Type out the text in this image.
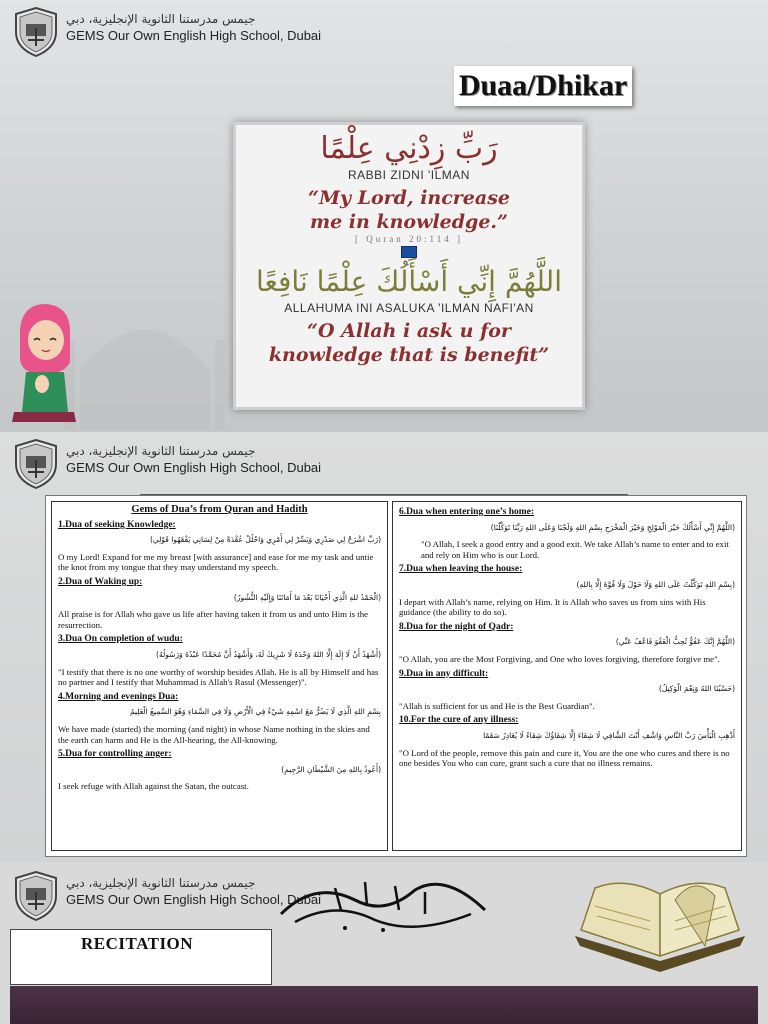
جيمس مدرستنا الثانوية الإنجليزية، دبي
GEMS Our Own English High School, Dubai
Duaa/Dhikar
رَبِّ زِدْنِي عِلْمًا
RABBI ZIDNI 'ILMAN
“My Lord, increase
me in knowledge.”
[ Quran 20:114 ]
اللَّهُمَّ إِنِّي أَسْأَلُكَ عِلْمًا نَافِعًا
ALLAHUMA INI ASALUKA 'ILMAN NAFI'AN
“O Allah i ask u for
knowledge that is benefit”
جيمس مدرستنا الثانوية الإنجليزية، دبي
GEMS Our Own English High School, Dubai
Gems of Dua’s from Quran and Hadith
1.Dua of seeking Knowledge:
(رَبِّ اشْرَحْ لِي صَدْرِي وَيَسِّرْ لِي أَمْرِي وَاحْلُلْ عُقْدَةً مِنْ لِسَانِي يَفْقَهُوا قَوْلِي)
O my Lord! Expand for me my breast [with assurance] and ease for me my task and untie the knot from my tongue that they may understand my speech.
2.Dua of Waking up:
(الْحَمْدُ للهِ الَّذِي أَحْيَانَا بَعْدَ مَا أَمَاتَنَا وَإِلَيْهِ النُّشُورُ)
All praise is for Allah who gave us life after having taken it from us and unto Him is the resurrection.
3.Dua On completion of wudu:
(أَشْهَدُ أَنْ لَا إِلَهَ إِلَّا اللهُ وَحْدَهُ لَا شَرِيكَ لَهُ، وَأَشْهَدُ أَنَّ مُحَمَّدًا عَبْدُهُ وَرَسُولُهُ)
"I testify that there is no one worthy of worship besides Allah. He is all by Himself and has no partner and I testify that Muhammad is Allah's Rasul (Messenger)".
4.Morning and evenings Dua:
بِسْمِ اللهِ الَّذِي لَا يَضُرُّ مَعَ اسْمِهِ شَيْءٌ فِي الْأَرْضِ وَلَا فِي السَّمَاءِ وَهُوَ السَّمِيعُ الْعَلِيمُ
We have made (started) the morning (and night) in whose Name nothing in the skies and the earth can harm and He is the All-hearing, the All-knowing.
5.Dua for controlling anger:
(أَعُوذُ بِاللهِ مِنَ الشَّيْطَانِ الرَّجِيمِ)
I seek refuge with Allah against the Satan, the outcast.
6.Dua when entering one’s home:
(اللَّهُمَّ إِنِّي أَسْأَلُكَ خَيْرَ الْمَوْلِجِ وَخَيْرَ الْمَخْرَجِ بِسْمِ اللهِ وَلَجْنَا وَعَلَى اللهِ رَبِّنَا تَوَكَّلْنَا)
"O Allah, I seek a good entry and a good exit. We take Allah’s name to enter and to exit and rely on Him who is our Lord.
7.Dua when leaving the house:
(بِسْمِ اللهِ تَوَكَّلْتُ عَلَى اللهِ وَلَا حَوْلَ وَلَا قُوَّةَ إِلَّا بِاللهِ)
I depart with Allah’s name, relying on Him. It is Allah who saves us from sins with His guidance (the ability to do so).
8.Dua for the night of Qadr:
(اللَّهُمَّ إِنَّكَ عَفُوٌّ تُحِبُّ الْعَفْوَ فَاعْفُ عَنِّي)
"O Allah, you are the Most Forgiving, and One who loves forgiving, therefore forgive me".
9.Dua in any difficult:
(حَسْبُنَا اللهُ وَنِعْمَ الْوَكِيلُ)
"Allah is sufficient for us and He is the Best Guardian".
10.For the cure of any illness:
أَذْهِبِ الْبَأْسَ رَبَّ النَّاسِ وَاشْفِ أَنْتَ الشَّافِي لَا شِفَاءَ إِلَّا شِفَاؤُكَ شِفَاءً لَا يُغَادِرُ سَقَمًا
"O Lord of the people, remove this pain and cure it, You are the one who cures and there is no one besides You who can cure, grant such a cure that no illness remains.
جيمس مدرستنا الثانوية الإنجليزية، دبي
GEMS Our Own English High School, Dubai
RECITATION
